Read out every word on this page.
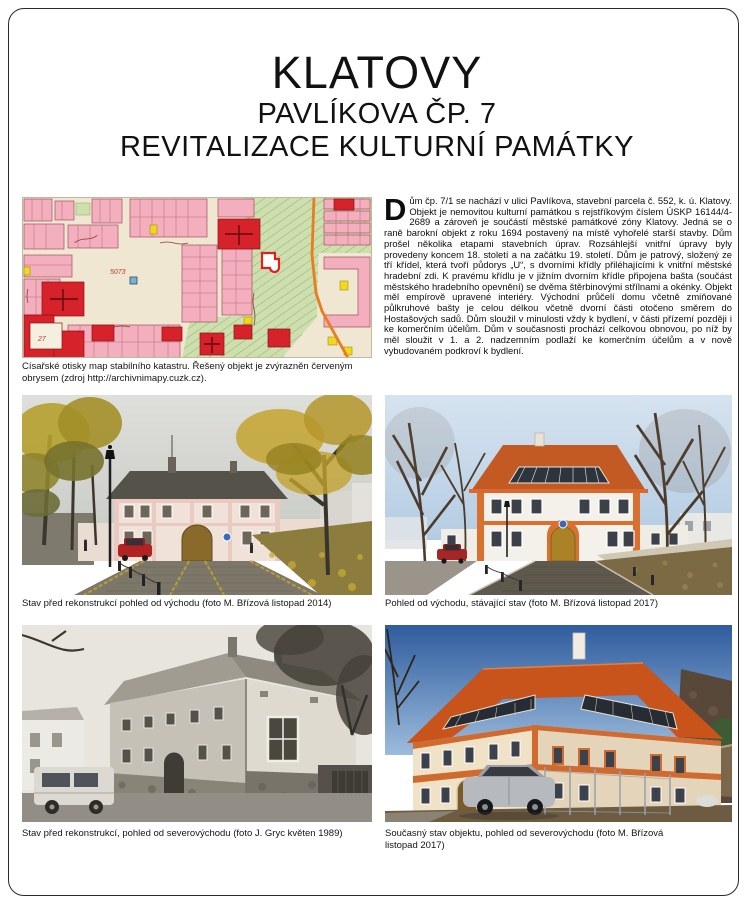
KLATOVY
PAVLÍKOVA ČP. 7
REVITALIZACE KULTURNÍ PAMÁTKY
5073
27
Císařské otisky map stabilního katastru. Řešený objekt je zvýrazněn červeným obrysem (zdroj http://archivnimapy.cuzk.cz).
Dům čp. 7/1 se nachází v ulici Pavlíkova, stavební parcela č. 552, k. ú. Klatovy. Objekt je nemovitou kulturní památkou s rejstříkovým číslem ÚSKP 16144/4-2689 a zároveň je součástí městské památkové zóny Klatovy. Jedná se o raně barokní objekt z roku 1694 postavený na místě vyhořelé starší stavby. Dům prošel několika etapami stavebních úprav. Rozsáhlejší vnitřní úpravy byly provedeny koncem 18. století a na začátku 19. století. Dům je patrový, složený ze tří křídel, která tvoří půdorys „U“, s dvorními křídly přiléhajícími k vnitřní městské hradební zdi. K pravému křídlu je v jižním dvorním křídle připojena bašta (součást městského hradebního opevnění) se dvěma štěrbinovými střílnami a okénky. Objekt měl empírově upravené interiéry. Východní průčelí domu včetně zmiňované půlkruhové bašty je celou délkou včetně dvorní části otočeno směrem do Hostašových sadů. Dům sloužil v minulosti vždy k bydlení, v části přízemí později i ke komerčním účelům. Dům v současnosti prochází celkovou obnovou, po níž by měl sloužit v 1. a 2. nadzemním podlaží ke komerčním účelům a v nově vybudovaném podkroví k bydlení.
Stav před rekonstrukcí pohled od východu (foto M. Břízová listopad 2014)	Pohled od východu, stávající stav (foto M. Břízová listopad 2017)
Stav před rekonstrukcí, pohled od severovýchodu (foto J. Gryc květen 1989)	Současný stav objektu, pohled od severovýchodu (foto M. Břízová listopad 2017)
